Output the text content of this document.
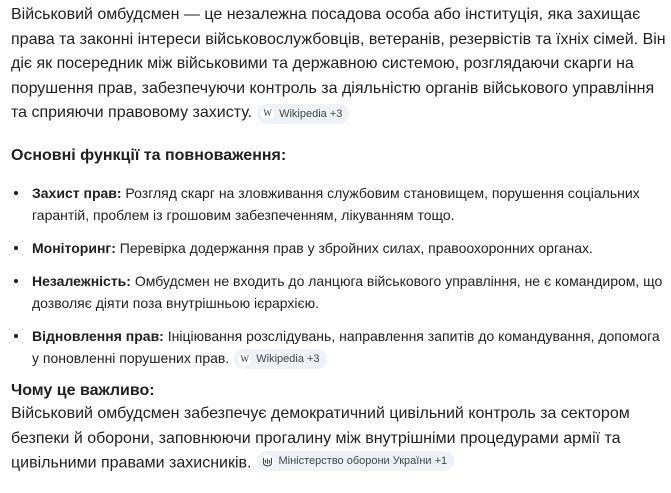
Військовий омбудсмен — це незалежна посадова особа або інституція, яка захищає права та законні інтереси військовослужбовців, ветеранів, резервістів та їхніх сімей. Він діє як посередник між військовими та державною системою, розглядаючи скарги на порушення прав, забезпечуючи контроль за діяльністю органів військового управління та сприяючи правовому захисту. W Wikipedia +3

Основні функції та повноваження:
Захист прав: Розгляд скарг на зловживання службовим становищем, порушення соціальних гарантій, проблем із грошовим забезпеченням, лікуванням тощо.
Моніторинг: Перевірка додержання прав у збройних силах, правоохоронних органах.
Незалежність: Омбудсмен не входить до ланцюга військового управління, не є командиром, що дозволяє діяти поза внутрішньою ієрархією.
Відновлення прав: Ініціювання розслідувань, направлення запитів до командування, допомога у поновленні порушених прав. W Wikipedia +3
Чому це важливо:

Військовий омбудсмен забезпечує демократичний цивільний контроль за сектором безпеки й оборони, заповнюючи прогалину між внутрішніми процедурами армії та цивільними правами захисників. Міністерство оборони України +1
